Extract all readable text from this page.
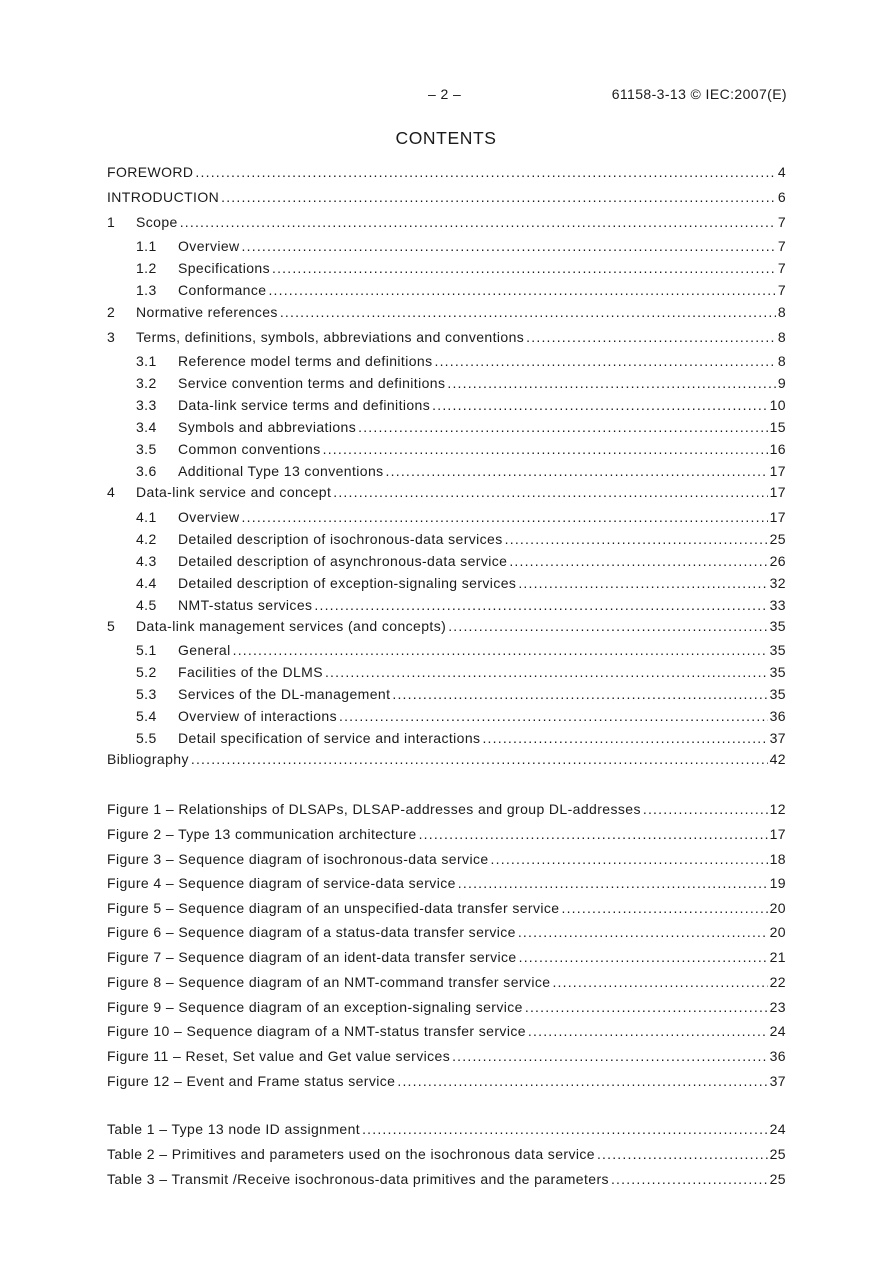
– 2 –	61158-3-13 © IEC:2007(E)
CONTENTS
FOREWORD .....	4
INTRODUCTION .....	6
1	Scope .....	7
1.1	Overview .....	7
1.2	Specifications .....	7
1.3	Conformance .....	7
2	Normative references .....	8
3	Terms, definitions, symbols, abbreviations and conventions .....	8
3.1	Reference model terms and definitions .....	8
3.2	Service convention terms and definitions .....	9
3.3	Data-link service terms and definitions .....	10
3.4	Symbols and abbreviations .....	15
3.5	Common conventions .....	16
3.6	Additional Type 13 conventions .....	17
4	Data-link service and concept .....	17
4.1	Overview .....	17
4.2	Detailed description of isochronous-data services .....	25
4.3	Detailed description of asynchronous-data service .....	26
4.4	Detailed description of exception-signaling services .....	32
4.5	NMT-status services .....	33
5	Data-link management services (and concepts) .....	35
5.1	General .....	35
5.2	Facilities of the DLMS .....	35
5.3	Services of the DL-management .....	35
5.4	Overview of interactions .....	36
5.5	Detail specification of service and interactions .....	37
Bibliography .....	42
Figure 1 – Relationships of DLSAPs, DLSAP-addresses and group DL-addresses .....	12
Figure 2 – Type 13 communication architecture .....	17
Figure 3 – Sequence diagram of isochronous-data service .....	18
Figure 4 – Sequence diagram of service-data service .....	19
Figure 5 – Sequence diagram of an unspecified-data transfer service .....	20
Figure 6 – Sequence diagram of a status-data transfer service .....	20
Figure 7 – Sequence diagram of an ident-data transfer service .....	21
Figure 8 – Sequence diagram of an NMT-command transfer service .....	22
Figure 9 – Sequence diagram of an exception-signaling service .....	23
Figure 10 – Sequence diagram of a NMT-status transfer service .....	24
Figure 11 – Reset, Set value and Get value services .....	36
Figure 12 – Event and Frame status service .....	37
Table 1 – Type 13 node ID assignment .....	24
Table 2 – Primitives and parameters used on the isochronous data service .....	25
Table 3 – Transmit /Receive isochronous-data primitives and the parameters .....	25
